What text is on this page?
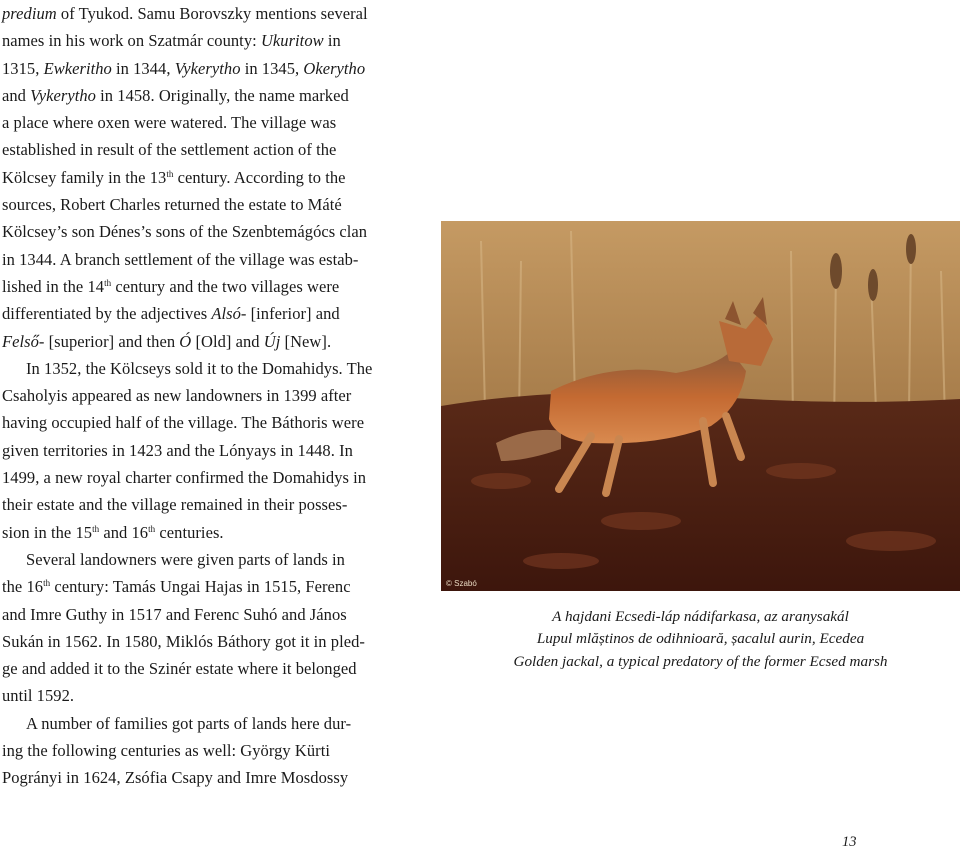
predium of Tyukod. Samu Borovszky mentions several
names in his work on Szatmár county: Ukuritow in
1315, Ewkeritho in 1344, Vykerytho in 1345, Okerytho
and Vykerytho in 1458. Originally, the name marked
a place where oxen were watered. The village was
established in result of the settlement action of the
Kölcsey family in the 13th century. According to the
sources, Robert Charles returned the estate to Máté
Kölcsey’s son Dénes’s sons of the Szenbtemágócs clan
in 1344. A branch settlement of the village was estab-
lished in the 14th century and the two villages were
differentiated by the adjectives Alsó- [inferior] and
Felső- [superior] and then Ó [Old] and Új [New].

In 1352, the Kölcseys sold it to the Domahidys. The
Csaholyis appeared as new landowners in 1399 after
having occupied half of the village. The Báthoris were
given territories in 1423 and the Lónyays in 1448. In
1499, a new royal charter confirmed the Domahidys in
their estate and the village remained in their posses-
sion in the 15th and 16th centuries.

Several landowners were given parts of lands in
the 16th century: Tamás Ungai Hajas in 1515, Ferenc
and Imre Guthy in 1517 and Ferenc Suhó and János
Sukán in 1562. In 1580, Miklós Báthory got it in pled-
ge and added it to the Szinér estate where it belonged
until 1592.

A number of families got parts of lands here dur-
ing the following centuries as well: György Kürti
Pogrányi in 1624, Zsófia Csapy and Imre Mosdossy

© Szabó
A hajdani Ecsedi-láp nádifarkasa, az aranysakál
Lupul mlăștinos de odihnioară, șacalul aurin, Ecedea
Golden jackal, a typical predatory of the former Ecsed marsh
13
